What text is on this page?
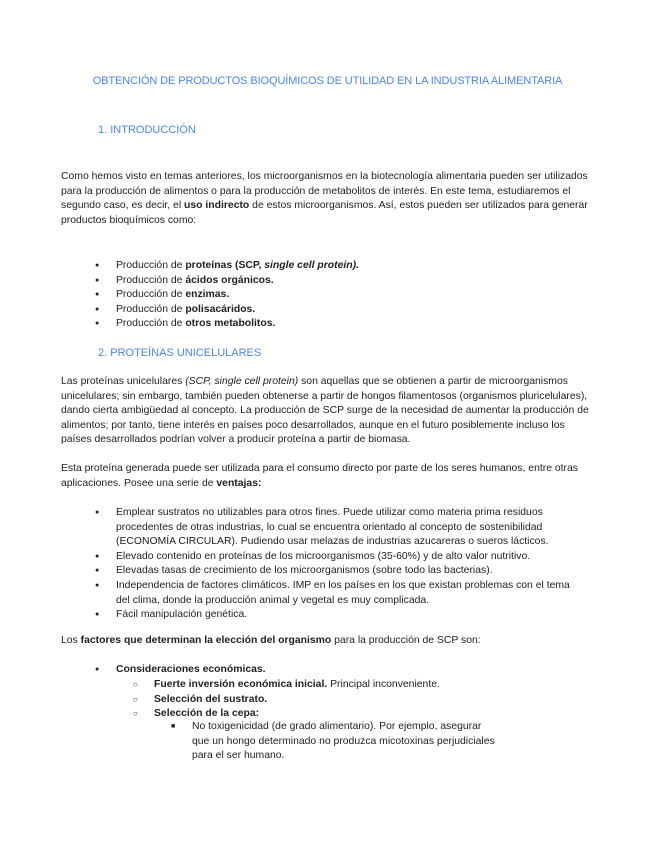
OBTENCIÓN DE PRODUCTOS BIOQUÍMICOS DE UTILIDAD EN LA INDUSTRIA ALIMENTARIA
1. INTRODUCCIÓN

Como hemos visto en temas anteriores, los microorganismos en la biotecnología alimentaria pueden ser utilizados para la producción de alimentos o para la producción de metabolitos de interés. En este tema, estudiaremos el segundo caso, es decir, el uso indirecto de estos microorganismos. Así, estos pueden ser utilizados para generar productos bioquímicos como:

● Producción de proteínas (SCP, single cell protein).
● Producción de ácidos orgánicos.
● Producción de enzimas.
● Producción de polisacáridos.
● Producción de otros metabolitos.
2. PROTEÍNAS UNICELULARES

Las proteínas unicelulares (SCP, single cell protein) son aquellas que se obtienen a partir de microorganismos unicelulares; sin embargo, también pueden obtenerse a partir de hongos filamentosos (organismos pluricelulares), dando cierta ambigüedad al concepto. La producción de SCP surge de la necesidad de aumentar la producción de alimentos; por tanto, tiene interés en países poco desarrollados, aunque en el futuro posiblemente incluso los países desarrollados podrían volver a producir proteína a partir de biomasa.

Esta proteína generada puede ser utilizada para el consumo directo por parte de los seres humanos, entre otras aplicaciones. Posee una serie de ventajas:

● Emplear sustratos no utilizables para otros fines. Puede utilizar como materia prima residuos procedentes de otras industrias, lo cual se encuentra orientado al concepto de sostenibilidad (ECONOMÍA CIRCULAR). Pudiendo usar melazas de industrias azucareras o sueros lácticos.
● Elevado contenido en proteínas de los microorganismos (35-60%) y de alto valor nutritivo.
● Elevadas tasas de crecimiento de los microorganismos (sobre todo las bacterias).
● Independencia de factores climáticos. IMP en los países en los que existan problemas con el tema del clima, donde la producción animal y vegetal es muy complicada.
● Fácil manipulación genética.

Los factores que determinan la elección del organismo para la producción de SCP son:

● Consideraciones económicas.
○ Fuerte inversión económica inicial. Principal inconveniente.
○ Selección del sustrato.
○ Selección de la cepa:
■ No toxigenicidad (de grado alimentario). Por ejemplo, asegurar que un hongo determinado no produzca micotoxinas perjudiciales para el ser humano.
